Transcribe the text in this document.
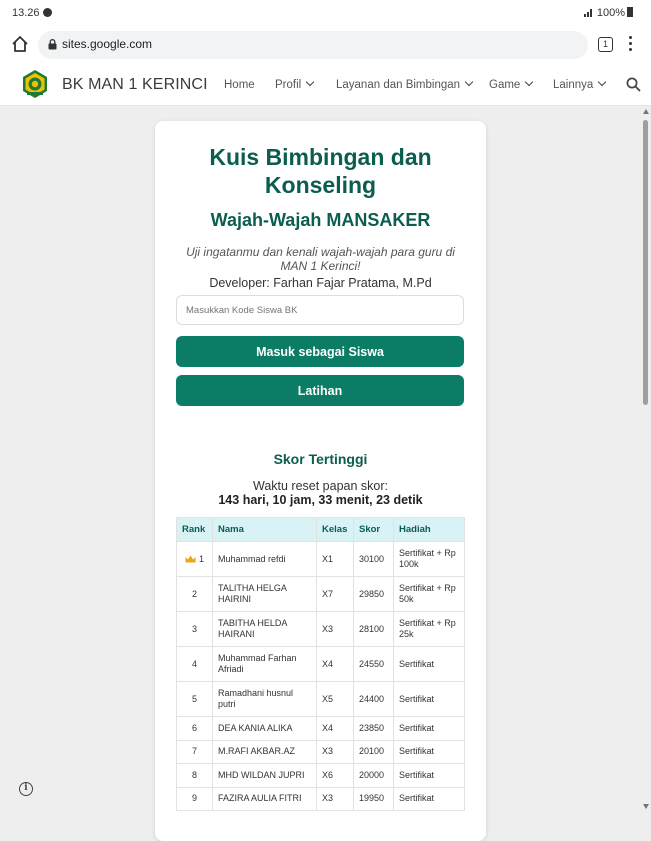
13.26	100%
sites.google.com	1
BK MAN 1 KERINCI Home Profil	Layanan dan Bimbingan	Game	Lainnya
i
Kuis Bimbingan dan
Konseling
Wajah-Wajah MANSAKER
Uji ingatanmu dan kenali wajah-wajah para guru di
MAN 1 Kerinci!
Developer: Farhan Fajar Pratama, M.Pd
Masukkan Kode Siswa BK
Masuk sebagai Siswa
Latihan
Skor Tertinggi
Waktu reset papan skor:
143 hari, 10 jam, 33 menit, 23 detik
Rank	Nama	Kelas	Skor	Hadiah
1	Muhammad refdi	X1	30100	Sertifikat + Rp 100k
2	TALITHA HELGA HAIRINI	X7	29850	Sertifikat + Rp 50k
3	TABITHA HELDA HAIRANI	X3	28100	Sertifikat + Rp 25k
4	Muhammad Farhan Afriadi	X4	24550	Sertifikat
5	Ramadhani husnul putri	X5	24400	Sertifikat
6	DEA KANIA ALIKA	X4	23850	Sertifikat
7	M.RAFI AKBAR.AZ	X3	20100	Sertifikat
8	MHD WILDAN JUPRI	X6	20000	Sertifikat
9	FAZIRA AULIA FITRI	X3	19950	Sertifikat
